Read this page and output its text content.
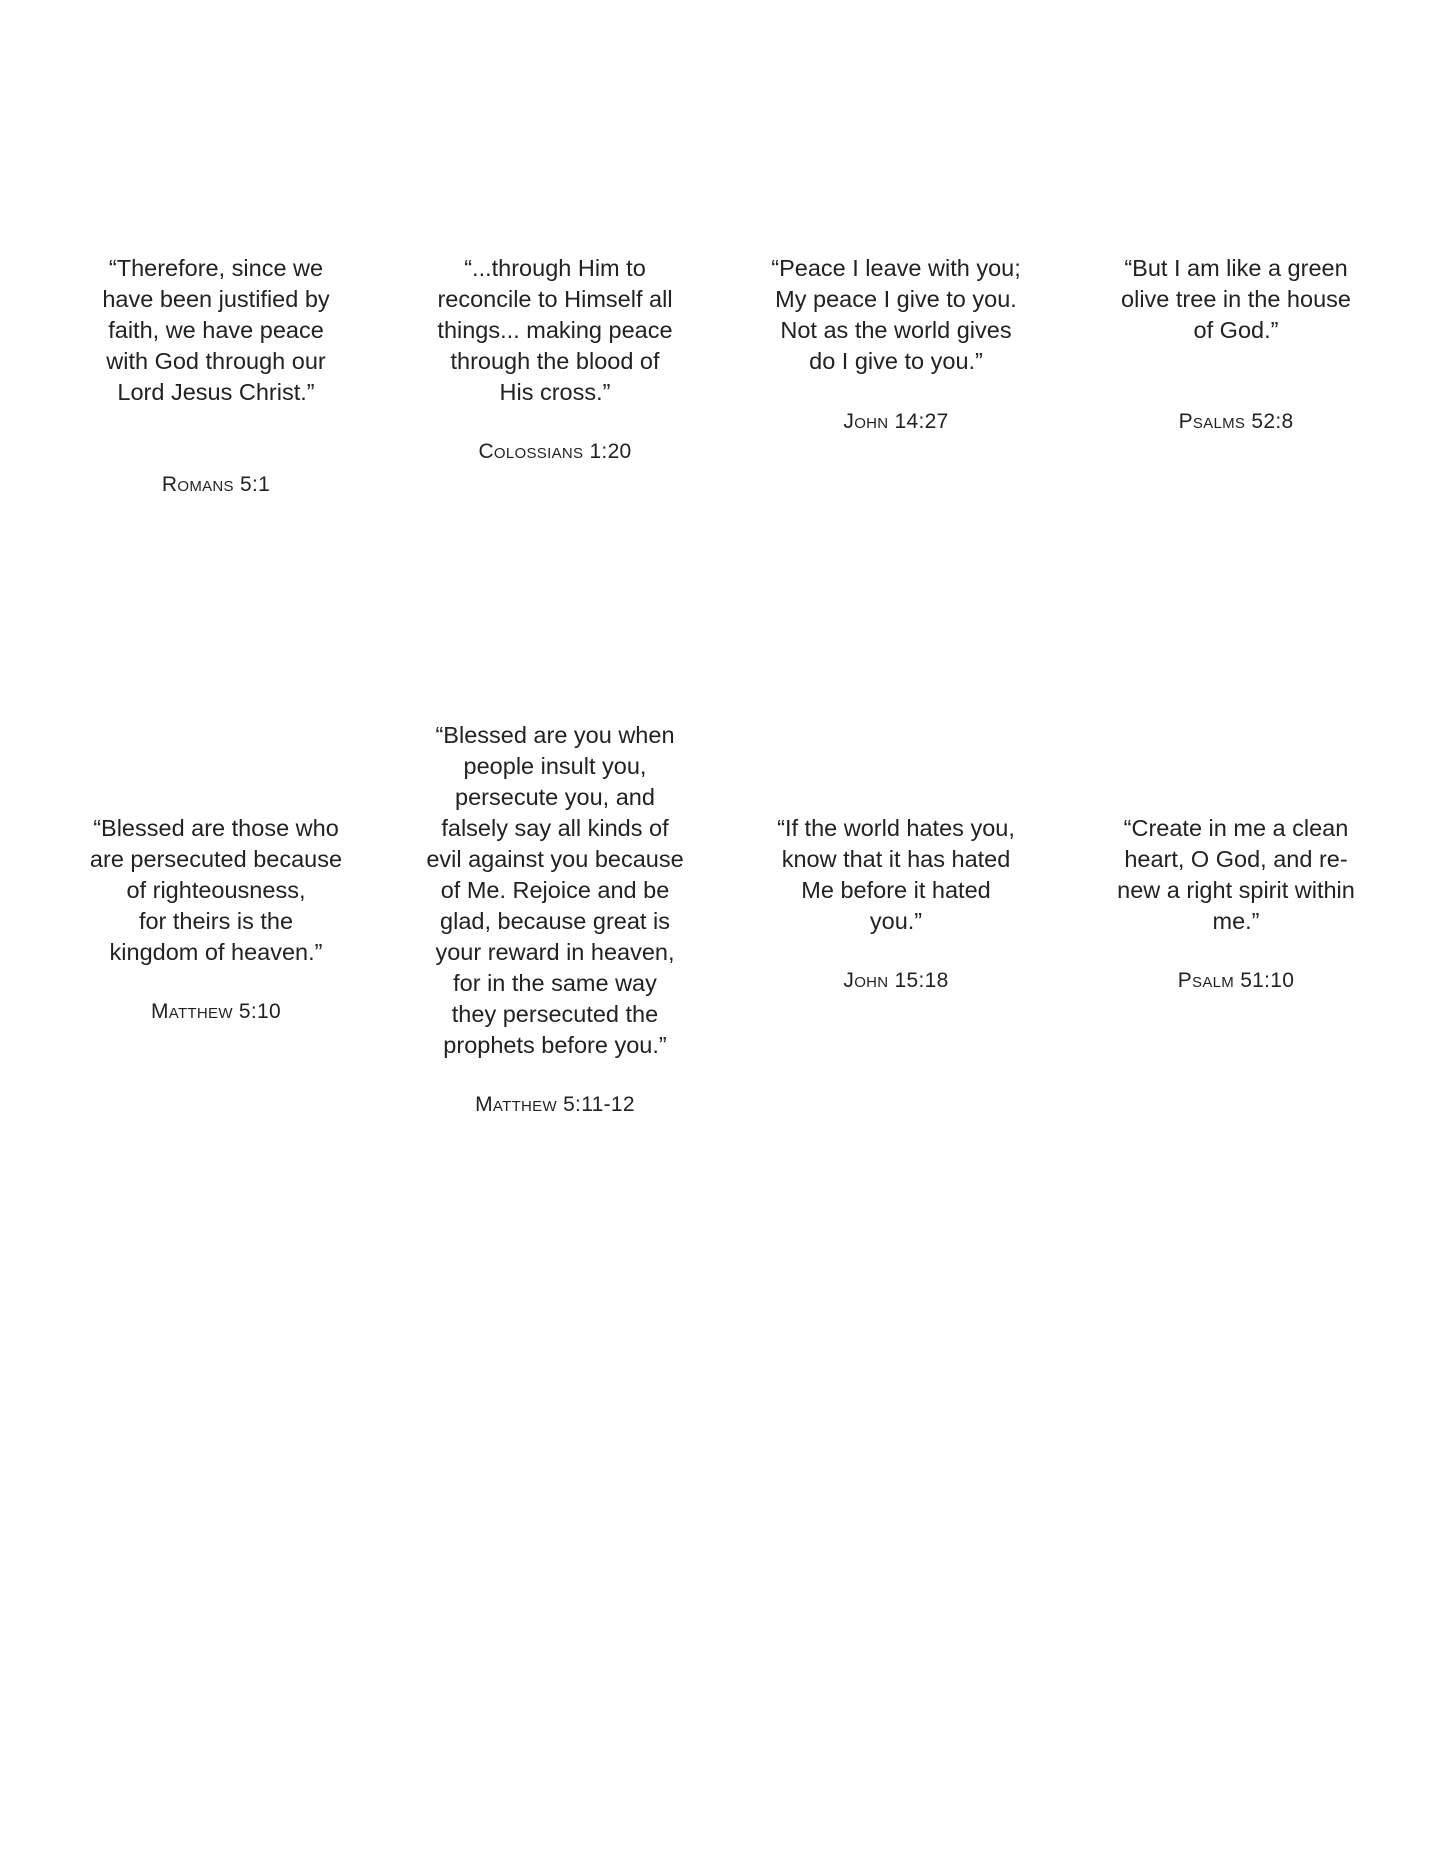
“Therefore, since we
have been justified by
faith, we have peace
with God through our
Lord Jesus Christ.”

Romans 5:1

“...through Him to
reconcile to Himself all
things... making peace
through the blood of
His cross.”

Colossians 1:20

“Peace I leave with you;
My peace I give to you.
Not as the world gives
do I give to you.”

John 14:27

“But I am like a green
olive tree in the house
of God.”

Psalms 52:8

“Blessed are those who
are persecuted because
of righteousness,
for theirs is the
kingdom of heaven.”

Matthew 5:10

“Blessed are you when
people insult you,
persecute you, and
falsely say all kinds of
evil against you because
of Me. Rejoice and be
glad, because great is
your reward in heaven,
for in the same way
they persecuted the
prophets before you.”

Matthew 5:11-12

“If the world hates you,
know that it has hated
Me before it hated
you.”

John 15:18

“Create in me a clean
heart, O God, and re-
new a right spirit within
me.”

Psalm 51:10
